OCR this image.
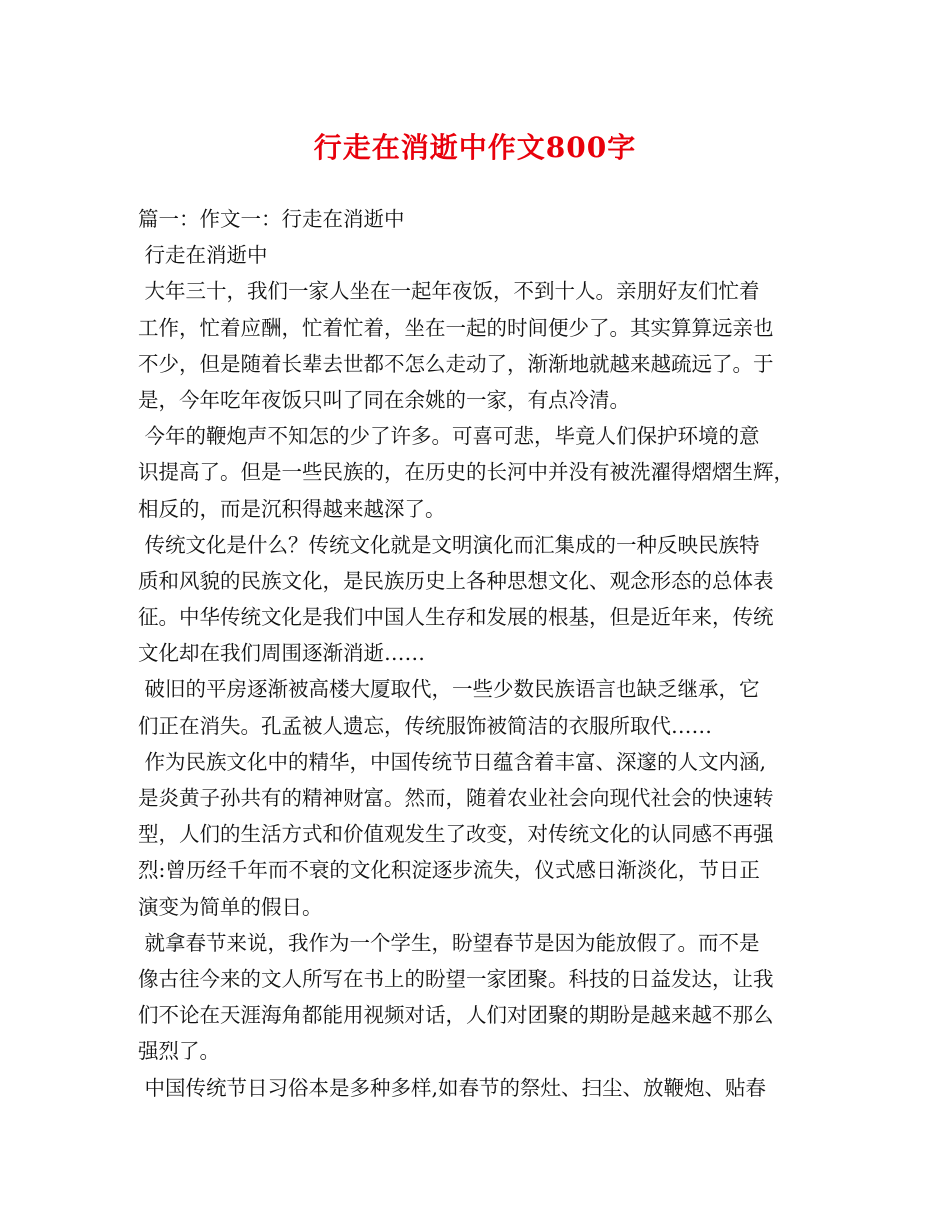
行走在消逝中作文800字
篇一：作文一：行走在消逝中
行走在消逝中
大年三十，我们一家人坐在一起年夜饭，不到十人。亲朋好友们忙着
工作，忙着应酬，忙着忙着，坐在一起的时间便少了。其实算算远亲也
不少，但是随着长辈去世都不怎么走动了，渐渐地就越来越疏远了。于
是，今年吃年夜饭只叫了同在余姚的一家，有点冷清。
今年的鞭炮声不知怎的少了许多。可喜可悲，毕竟人们保护环境的意
识提高了。但是一些民族的，在历史的长河中并没有被洗濯得熠熠生辉，
相反的，而是沉积得越来越深了。
传统文化是什么？传统文化就是文明演化而汇集成的一种反映民族特
质和风貌的民族文化，是民族历史上各种思想文化、观念形态的总体表
征。中华传统文化是我们中国人生存和发展的根基，但是近年来，传统
文化却在我们周围逐渐消逝……
破旧的平房逐渐被高楼大厦取代，一些少数民族语言也缺乏继承，它
们正在消失。孔孟被人遗忘，传统服饰被简洁的衣服所取代……
作为民族文化中的精华，中国传统节日蕴含着丰富、深邃的人文内涵,
是炎黄子孙共有的精神财富。然而，随着农业社会向现代社会的快速转
型，人们的生活方式和价值观发生了改变，对传统文化的认同感不再强
烈:曾历经千年而不衰的文化积淀逐步流失，仪式感日渐淡化，节日正
演变为简单的假日。
就拿春节来说，我作为一个学生，盼望春节是因为能放假了。而不是
像古往今来的文人所写在书上的盼望一家团聚。科技的日益发达，让我
们不论在天涯海角都能用视频对话，人们对团聚的期盼是越来越不那么
强烈了。
中国传统节日习俗本是多种多样,如春节的祭灶、扫尘、放鞭炮、贴春
